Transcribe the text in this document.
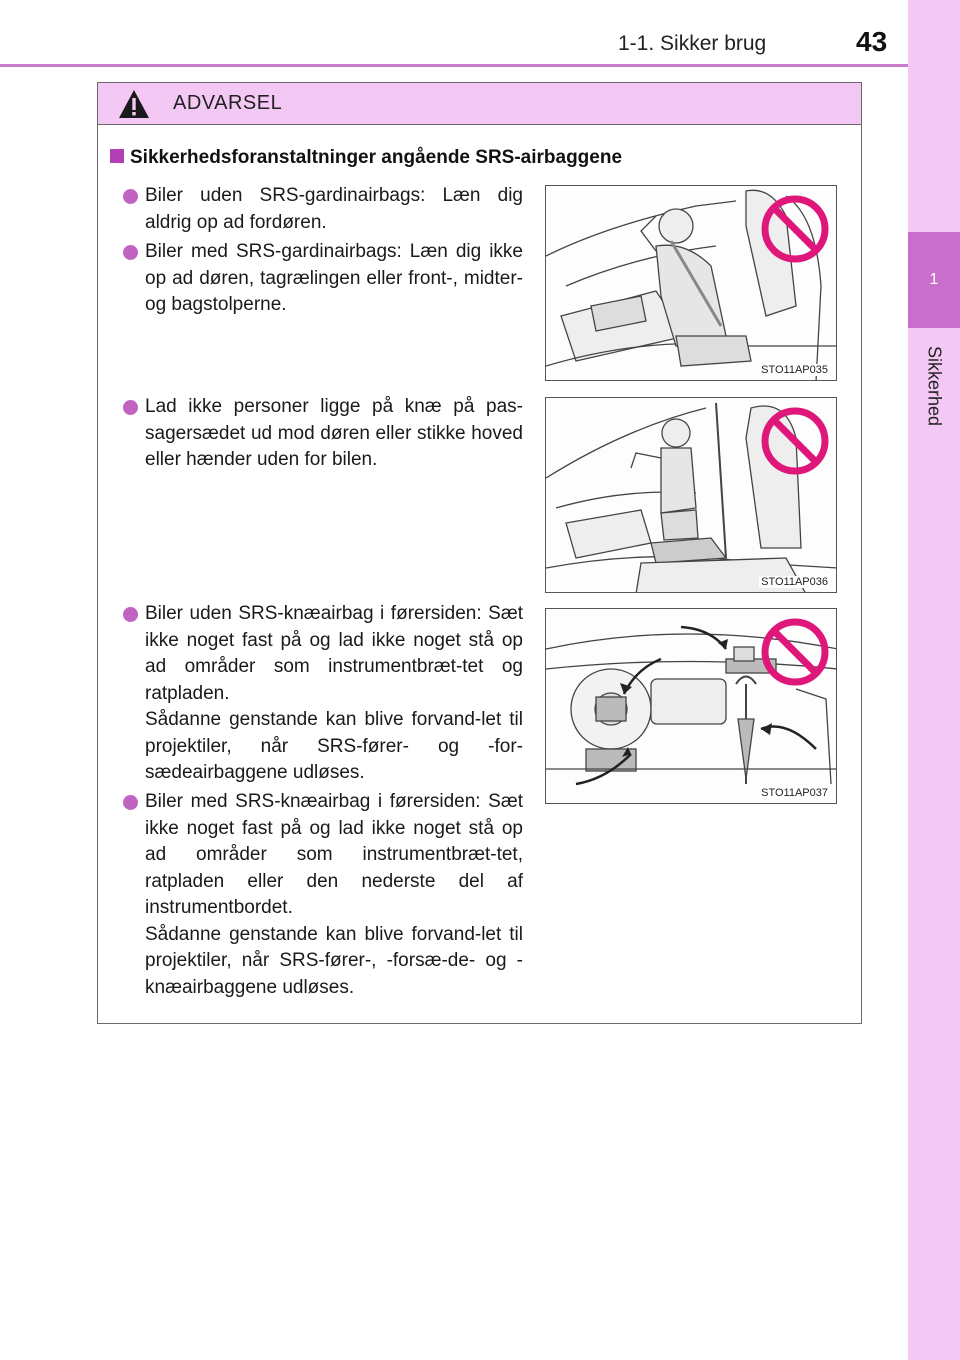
1-1. Sikker brug	43
1
Sikkerhed
ADVARSEL
Sikkerhedsforanstaltninger angående SRS-airbaggene
Biler uden SRS-gardinairbags: Læn dig aldrig op ad fordøren.
Biler med SRS-gardinairbags: Læn dig ikke op ad døren, tagrælingen eller front-, midter- og bagstolperne.
Lad ikke personer ligge på knæ på pas-sagersædet ud mod døren eller stikke hoved eller hænder uden for bilen.
Biler uden SRS-knæairbag i førersiden: Sæt ikke noget fast på og lad ikke noget stå op ad områder som instrumentbræt-tet og ratpladen.
Sådanne genstande kan blive forvand-let til projektiler, når SRS-fører- og -for-sædeairbaggene udløses.
Biler med SRS-knæairbag i førersiden: Sæt ikke noget fast på og lad ikke noget stå op ad områder som instrumentbræt-tet, ratpladen eller den nederste del af instrumentbordet.
Sådanne genstande kan blive forvand-let til projektiler, når SRS-fører-, -forsæ-de- og -knæairbaggene udløses.
STO11AP035
STO11AP036
STO11AP037
